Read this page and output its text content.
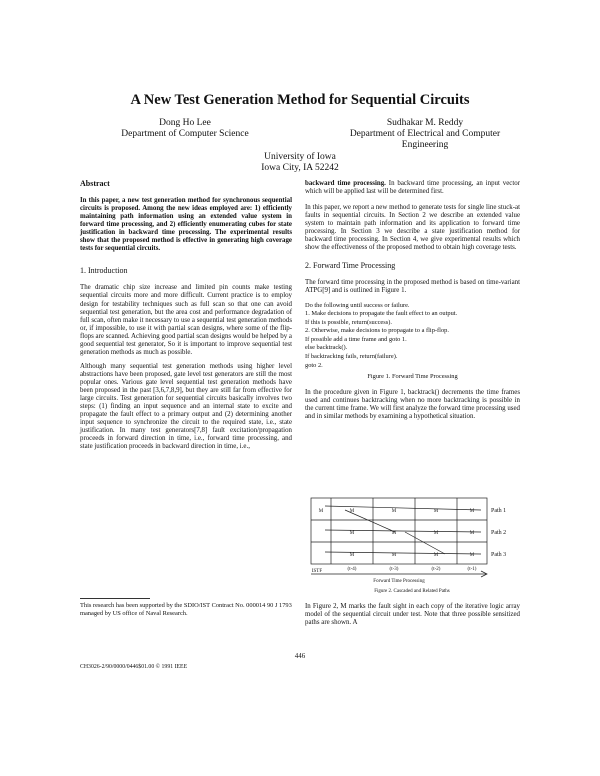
A New Test Generation Method for Sequential Circuits
Dong Ho Lee
Department of Computer Science
Sudhakar M. Reddy
Department of Electrical and Computer
Engineering
University of Iowa
Iowa City, IA 52242
Abstract

In this paper, a new test generation method for synchronous sequential circuits is proposed. Among the new ideas employed are: 1) efficiently maintaining path information using an extended value system in forward time processing, and 2) efficiently enumerating cubes for state justification in backward time processing. The experimental results show that the proposed method is effective in generating high coverage tests for sequential circuits.

1. Introduction

The dramatic chip size increase and limited pin counts make testing sequential circuits more and more difficult. Current practice is to employ design for testability techniques such as full scan so that one can avoid sequential test generation, but the area cost and performance degradation of full scan, often make it necessary to use a sequential test generation methods or, if impossible, to use it with partial scan designs, where some of the flip-flops are scanned. Achieving good partial scan designs would be helped by a good sequential test generator, So it is important to improve sequential test generation methods as much as possible.

Although many sequential test generation methods using higher level abstractions have been proposed, gate level test generators are still the most popular ones. Various gate level sequential test generation methods have been proposed in the past [3,6,7,8,9], but they are still far from effective for large circuits. Test generation for sequential circuits basically involves two steps: (1) finding an input sequence and an internal state to excite and propagate the fault effect to a primary output and (2) determining another input sequence to synchronize the circuit to the required state, i.e., state justification. In many test generators[7,8] fault excitation/propagation proceeds in forward direction in time, i.e., forward time processing, and state justification proceeds in backward direction in time, i.e.,

This research has been supported by the SDIO/IST Contract No. 000014 90 J 1793 managed by US office of Naval Research.

backward time processing. In backward time processing, an input vector which will be applied last will be determined first.

In this paper, we report a new method to generate tests for single line stuck-at faults in sequential circuits. In Section 2 we describe an extended value system to maintain path information and its application to forward time processing. In Section 3 we describe a state justification method for backward time processing. In Section 4, we give experimental results which show the effectiveness of the proposed method to obtain high coverage tests.

2. Forward Time Processing

The forward time processing in the proposed method is based on time-variant ATPG[9] and is outlined in Figure 1.

Do the following until success or failure.
1. Make decisions to propagate the fault effect to an output.
If this is possible, return(success).
2. Otherwise, make decisions to propagate to a flip-flop.
If possible add a time frame and goto 1.
else backtrack().
If backtracking fails, return(failure).
goto 2.
Figure 1. Forward Time Processing

In the procedure given in Figure 1, backtrack() decrements the time frames used and continues backtracking when no more backtracking is possible in the current time frame. We will first analyze the forward time processing used and in similar methods by examining a hypothetical situation.

M	M	M	M	M
M	M	M	M
M	M	M	M
Path 1
Path 2
Path 3
ISTF	(t-4)	(t-3)	(t-2)	(t-1)
Forward Time Processing
Figure 2. Cascaded and Related Paths

In Figure 2, M marks the fault sight in each copy of the iterative logic array model of the sequential circuit under test. Note that three possible sensitized paths are shown. A

446
CH3026-2/90/0000/0446$01.00 © 1991 IEEE
